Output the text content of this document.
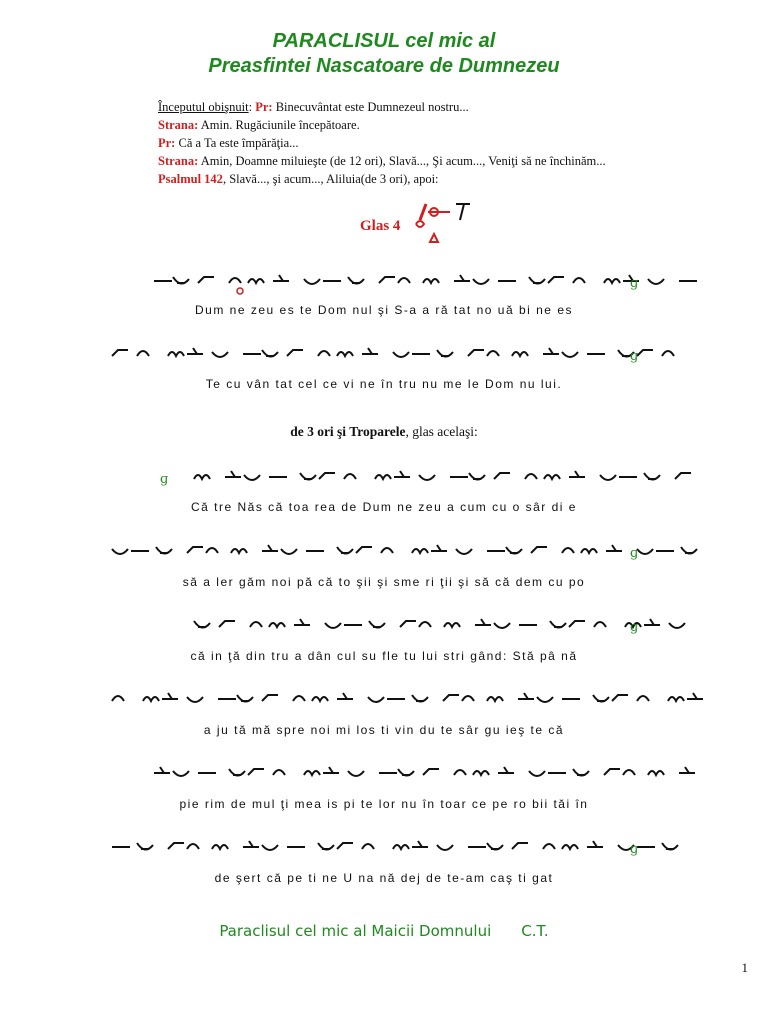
PARACLISUL cel mic al
Preasfintei Nascatoare de Dumnezeu
Începutul obişnuit: Pr: Binecuvântat este Dumnezeul nostru...
Strana: Amin. Rugăciunile începătoare.
Pr: Că a Ta este împărăţia...
Strana: Amin, Doamne miluieşte (de 12 ori), Slavă..., Şi acum..., Veniţi să ne închinăm...
Psalmul 142, Slavă..., şi acum..., Aliluia(de 3 ori), apoi:
Glas 4
ɡ
ɡ
ɡ
ɡ
ɡ
ɡ
Dum ne zeu es te Dom nul şi S-a a ră tat no uă bi ne es
Te cu vân tat cel ce vi ne în tru nu me le Dom nu lui.
de 3 ori şi Troparele, glas acelaşi:
Că tre Năs că toa rea de Dum ne zeu a cum cu o sâr di e
să a ler găm noi pă că to şii şi sme ri ţii şi să că dem cu po
că in ţă din tru a dân cul su fle tu lui stri gând: Stă pâ nă
a ju tă mă spre noi mi los ti vin du te sâr gu ieş te că
pie rim de mul ţi mea is pi te lor nu în toar ce pe ro bii tăi în
de şert că pe ti ne U na nă dej de te-am caş ti gat
Paraclisul cel mic al Maicii Domnului C.T.
1
